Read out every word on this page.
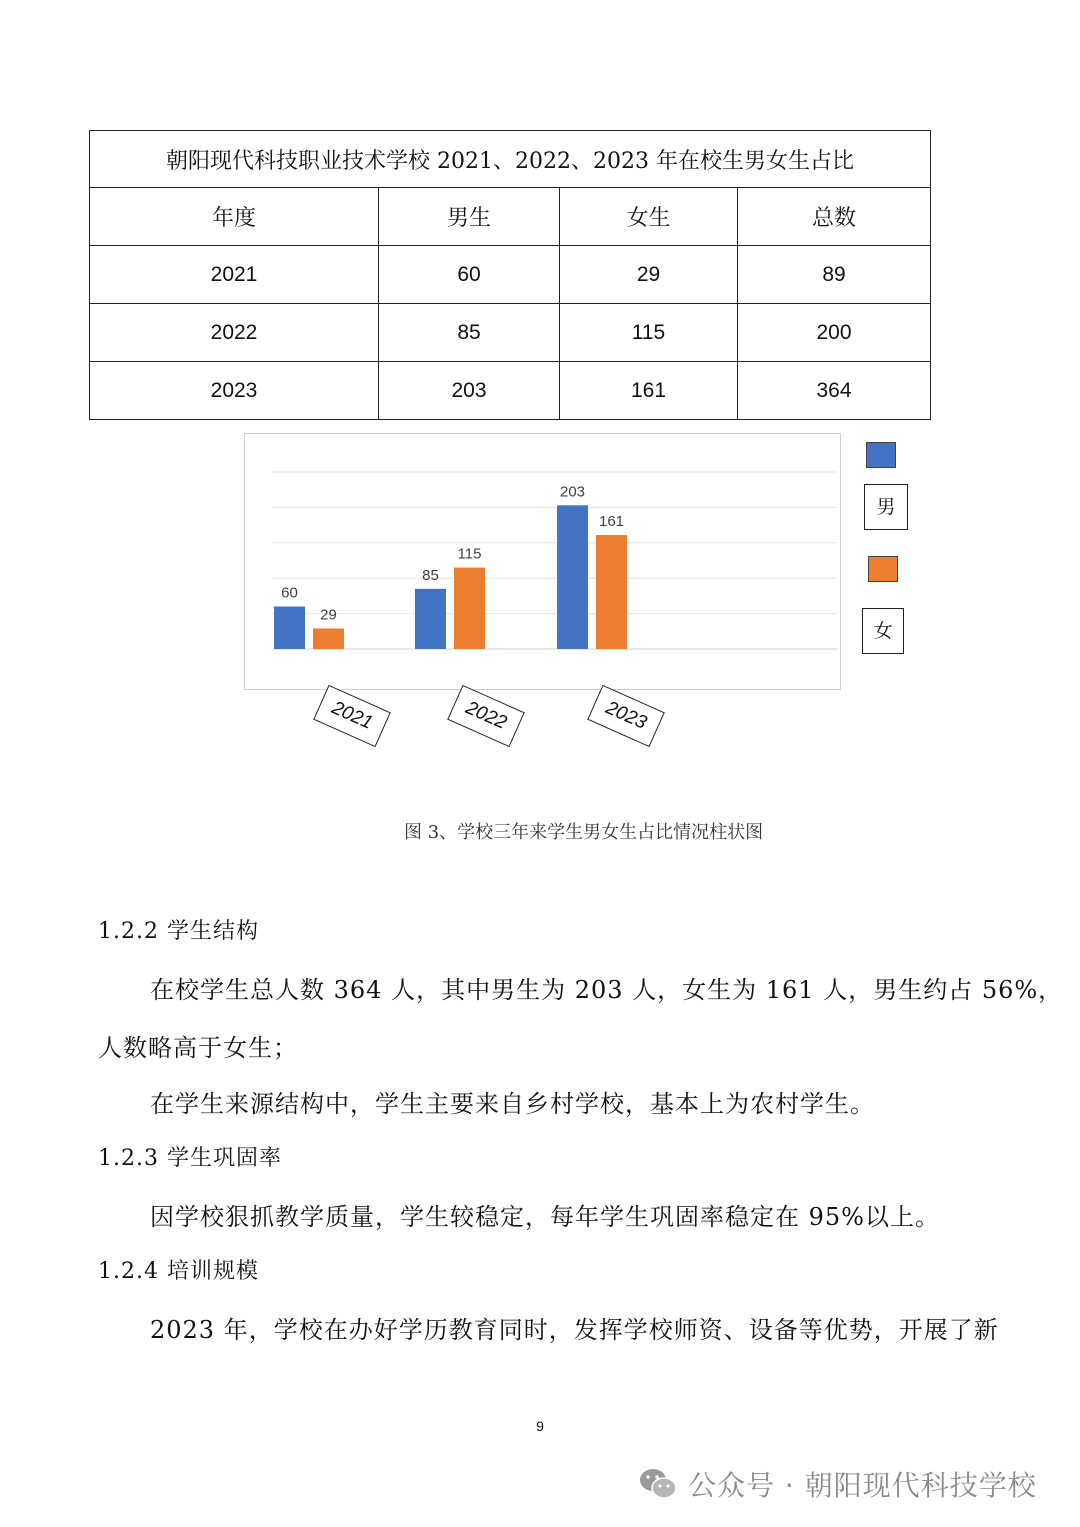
朝阳现代科技职业技术学校 2021、2022、2023 年在校生男女生占比			
年度	男生	女生	总数
2021	60	29	89
2022	85	115	200
2023	203	161	364
60
29
85
115
203
161
男
女
2021	2022	2023
图 3、学校三年来学生男女生占比情况柱状图
1.2.2 学生结构
在校学生总人数 364 人，其中男生为 203 人，女生为 161 人，男生约占 56%，
人数略高于女生；
在学生来源结构中，学生主要来自乡村学校，基本上为农村学生。
1.2.3 学生巩固率
因学校狠抓教学质量，学生较稳定，每年学生巩固率稳定在 95%以上。
1.2.4 培训规模
2023 年，学校在办好学历教育同时，发挥学校师资、设备等优势，开展了新
9
公众号 · 朝阳现代科技学校
